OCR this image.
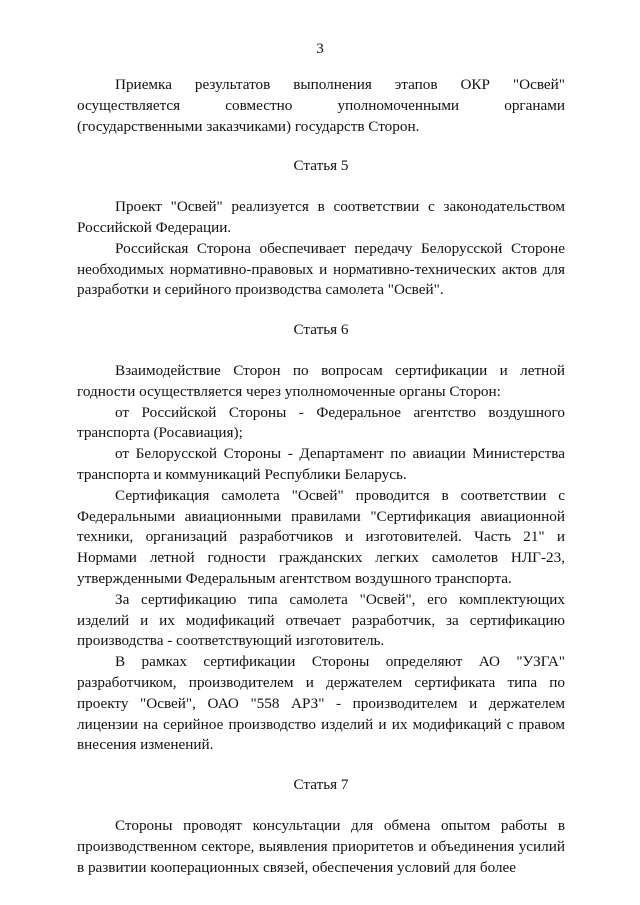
3

Приемка результатов выполнения этапов ОКР "Освей" осуществляется совместно уполномоченными органами (государственными заказчиками) государств Сторон.

Статья 5

Проект "Освей" реализуется в соответствии с законодательством Российской Федерации.

Российская Сторона обеспечивает передачу Белорусской Стороне необходимых нормативно-правовых и нормативно-технических актов для разработки и серийного производства самолета "Освей".

Статья 6

Взаимодействие Сторон по вопросам сертификации и летной годности осуществляется через уполномоченные органы Сторон:

от Российской Стороны - Федеральное агентство воздушного транспорта (Росавиация);

от Белорусской Стороны - Департамент по авиации Министерства транспорта и коммуникаций Республики Беларусь.

Сертификация самолета "Освей" проводится в соответствии с Федеральными авиационными правилами "Сертификация авиационной техники, организаций разработчиков и изготовителей. Часть 21" и Нормами летной годности гражданских легких самолетов НЛГ-23, утвержденными Федеральным агентством воздушного транспорта.

За сертификацию типа самолета "Освей", его комплектующих изделий и их модификаций отвечает разработчик, за сертификацию производства - соответствующий изготовитель.

В рамках сертификации Стороны определяют АО "УЗГА" разработчиком, производителем и держателем сертификата типа по проекту "Освей", ОАО "558 АРЗ" - производителем и держателем лицензии на серийное производство изделий и их модификаций с правом внесения изменений.

Статья 7

Стороны проводят консультации для обмена опытом работы в производственном секторе, выявления приоритетов и объединения усилий в развитии кооперационных связей, обеспечения условий для более
